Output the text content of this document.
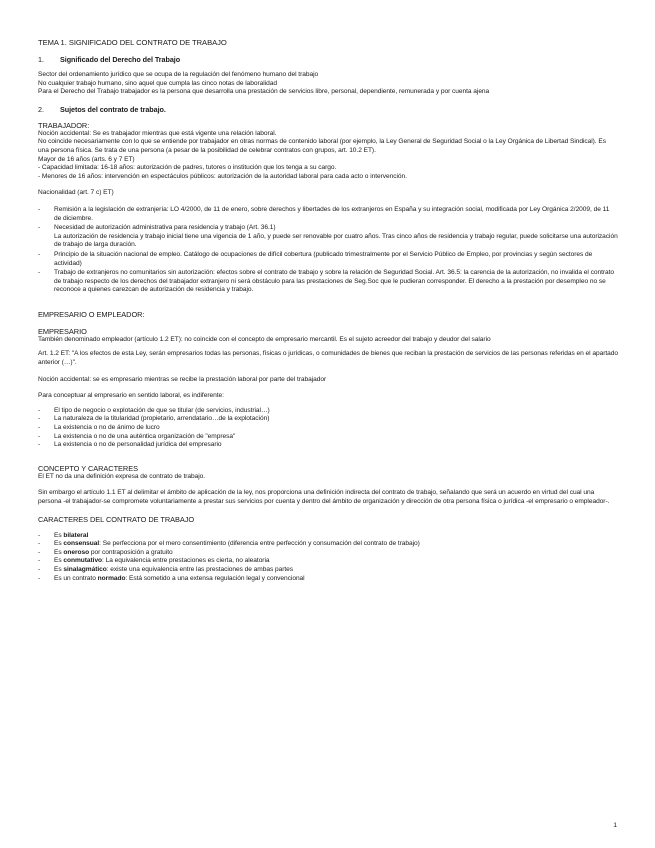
TEMA 1. SIGNIFICADO DEL CONTRATO DE TRABAJO

1.	Significado del Derecho del Trabajo

Sector del ordenamiento jurídico que se ocupa de la regulación del fenómeno humano del trabajo

No cualquier trabajo humano, sino aquel que cumpla las cinco notas de laboralidad

Para el Derecho del Trabajo trabajador es la persona que desarrolla una prestación de servicios libre, personal, dependiente, remunerada y por cuenta ajena

2.	Sujetos del contrato de trabajo.

TRABAJADOR:

Noción accidental: Se es trabajador mientras que está vigente una relación laboral.

No coincide necesariamente con lo que se entiende por trabajador en otras normas de contenido laboral (por ejemplo, la Ley General de Seguridad Social o la Ley Orgánica de Libertad Sindical). Es una persona física. Se trata de una persona (a pesar de la posibilidad de celebrar contratos con grupos, art. 10.2 ET).

Mayor de 16 años (arts. 6 y 7 ET)

- Capacidad limitada: 16-18 años: autorización de padres, tutores o institución que los tenga a su cargo.

- Menores de 16 años: intervención en espectáculos públicos: autorización de la autoridad laboral para cada acto o intervención.

Nacionalidad (art. 7 c) ET)

- Remisión a la legislación de extranjería: LO 4/2000, de 11 de enero, sobre derechos y libertades de los extranjeros en España y su integración social, modificada por Ley Orgánica 2/2009, de 11 de diciembre.
- Necesidad de autorización administrativa para residencia y trabajo (Art. 36.1)
La autorización de residencia y trabajo inicial tiene una vigencia de 1 año, y puede ser renovable por cuatro años. Tras cinco años de residencia y trabajo regular, puede solicitarse una autorización de trabajo de larga duración.
- Principio de la situación nacional de empleo. Catálogo de ocupaciones de difícil cobertura (publicado trimestralmente por el Servicio Público de Empleo, por provincias y según sectores de actividad)
- Trabajo de extranjeros no comunitarios sin autorización: efectos sobre el contrato de trabajo y sobre la relación de Seguridad Social. Art. 36.5: la carencia de la autorización, no invalida el contrato de trabajo respecto de los derechos del trabajador extranjero ni será obstáculo para las prestaciones de Seg.Soc que le pudieran corresponder. El derecho a la prestación por desempleo no se reconoce a quienes carezcan de autorización de residencia y trabajo.

EMPRESARIO O EMPLEADOR:

EMPRESARIO

También denominado empleador (artículo 1.2 ET): no coincide con el concepto de empresario mercantil. Es el sujeto acreedor del trabajo y deudor del salario

Art. 1.2 ET: "A los efectos de esta Ley, serán empresarios todas las personas, físicas o jurídicas, o comunidades de bienes que reciban la prestación de servicios de las personas referidas en el apartado anterior (…)".

Noción accidental: se es empresario mientras se recibe la prestación laboral por parte del trabajador

Para conceptuar al empresario en sentido laboral, es indiferente:

- El tipo de negocio o explotación de que se titular (de servicios, industrial…)
- La naturaleza de la titularidad (propietario, arrendatario…de la explotación)
- La existencia o no de ánimo de lucro
- La existencia o no de una auténtica organización de "empresa"
- La existencia o no de personalidad jurídica del empresario

CONCEPTO Y CARACTERES

El ET no da una definición expresa de contrato de trabajo.

Sin embargo el artículo 1.1 ET al delimitar el ámbito de aplicación de la ley, nos proporciona una definición indirecta del contrato de trabajo, señalando que será un acuerdo en virtud del cual una persona -el trabajador-se compromete voluntariamente a prestar sus servicios por cuenta y dentro del ámbito de organización y dirección de otra persona física o jurídica -el empresario o empleador-.

CARACTERES DEL CONTRATO DE TRABAJO

- Es bilateral
- Es consensual: Se perfecciona por el mero consentimiento (diferencia entre perfección y consumación del contrato de trabajo)
- Es oneroso por contraposición a gratuito
- Es conmutativo: La equivalencia entre prestaciones es cierta, no aleatoria
- Es sinalagmático: existe una equivalencia entre las prestaciones de ambas partes
- Es un contrato normado: Está sometido a una extensa regulación legal y convencional
1
